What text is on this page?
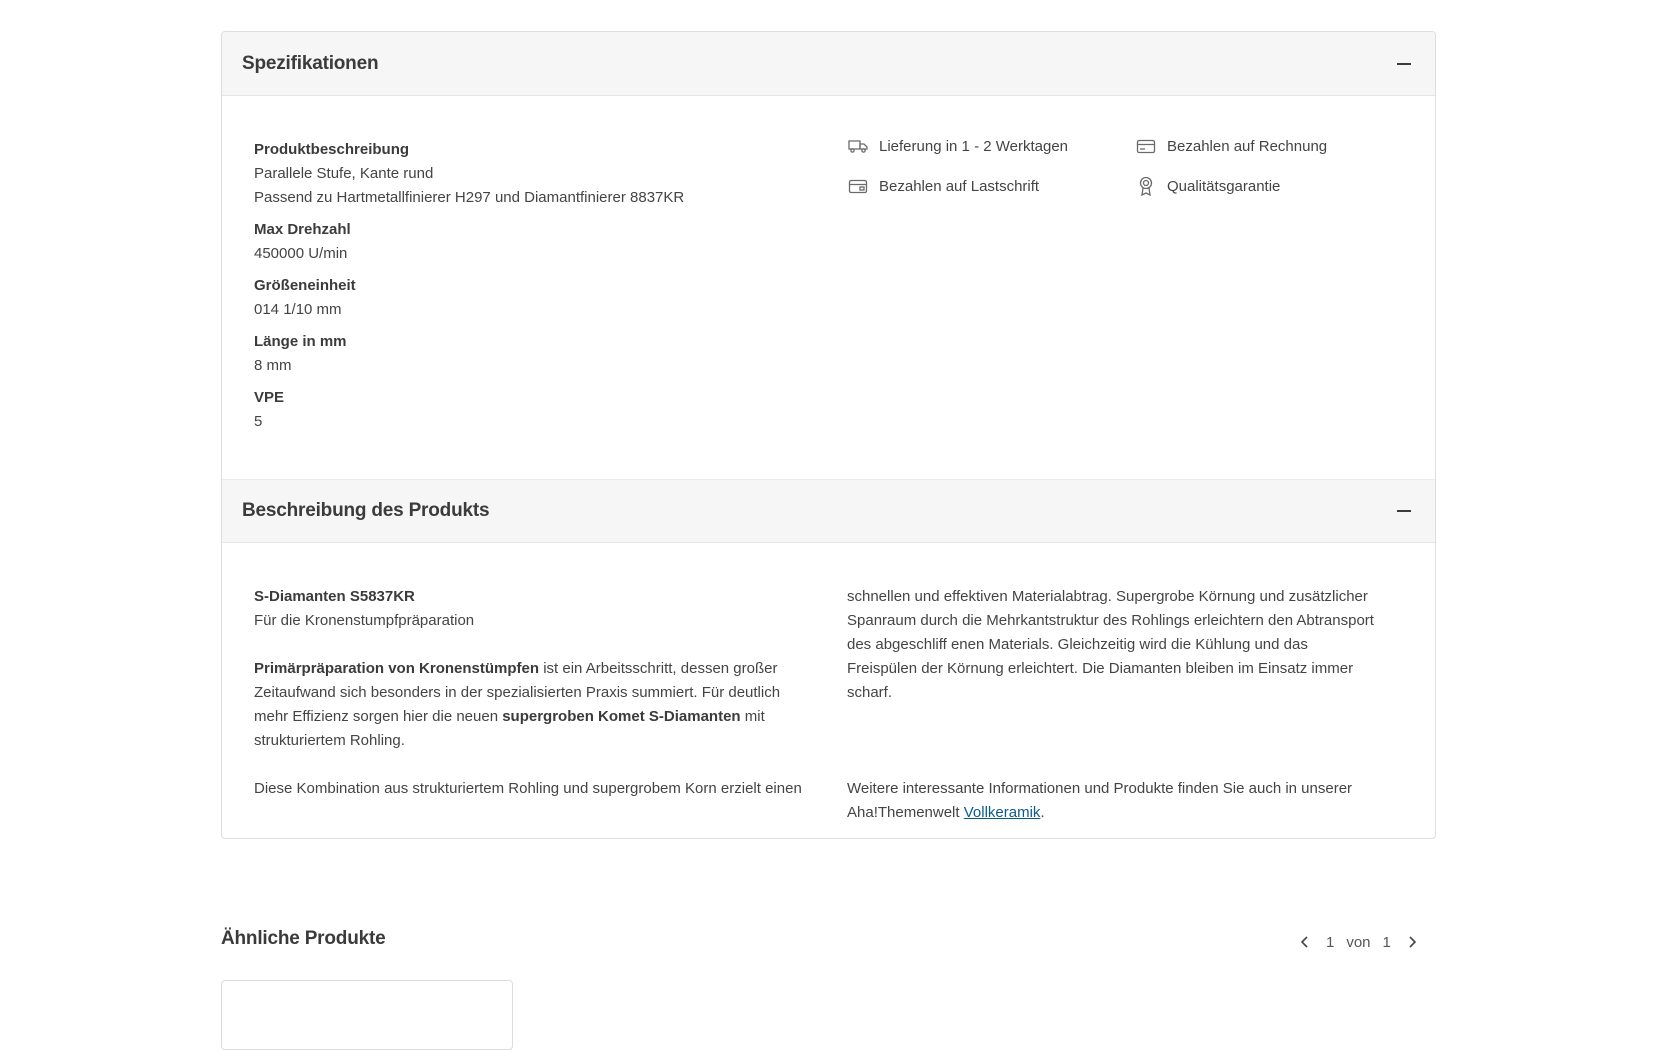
Spezifikationen
Produktbeschreibung
Parallele Stufe, Kante rund
Passend zu Hartmetallfinierer H297 und Diamantfinierer 8837KR
Max Drehzahl
450000 U/min
Größeneinheit
014 1/10 mm
Länge in mm
8 mm
VPE
5
Lieferung in 1 - 2 Werktagen	Bezahlen auf Rechnung
Bezahlen auf Lastschrift	Qualitätsgarantie
Beschreibung des Produkts

S-Diamanten S5837KR

Für die Kronenstumpfpräparation

Primärpräparation von Kronenstümpfen ist ein Arbeitsschritt, dessen großer Zeitaufwand sich besonders in der spezialisierten Praxis summiert. Für deutlich mehr Effizienz sorgen hier die neuen supergroben Komet S-Diamanten mit strukturiertem Rohling.

Diese Kombination aus strukturiertem Rohling und supergrobem Korn erzielt einen

schnellen und effektiven Materialabtrag. Supergrobe Körnung und zusätzlicher Spanraum durch die Mehrkantstruktur des Rohlings erleichtern den Abtransport des abgeschliff enen Materials. Gleichzeitig wird die Kühlung und das Freispülen der Körnung erleichtert. Die Diamanten bleiben im Einsatz immer scharf.

Weitere interessante Informationen und Produkte finden Sie auch in unserer Aha!Themenwelt Vollkeramik.

Ähnliche Produkte	1 von 1
